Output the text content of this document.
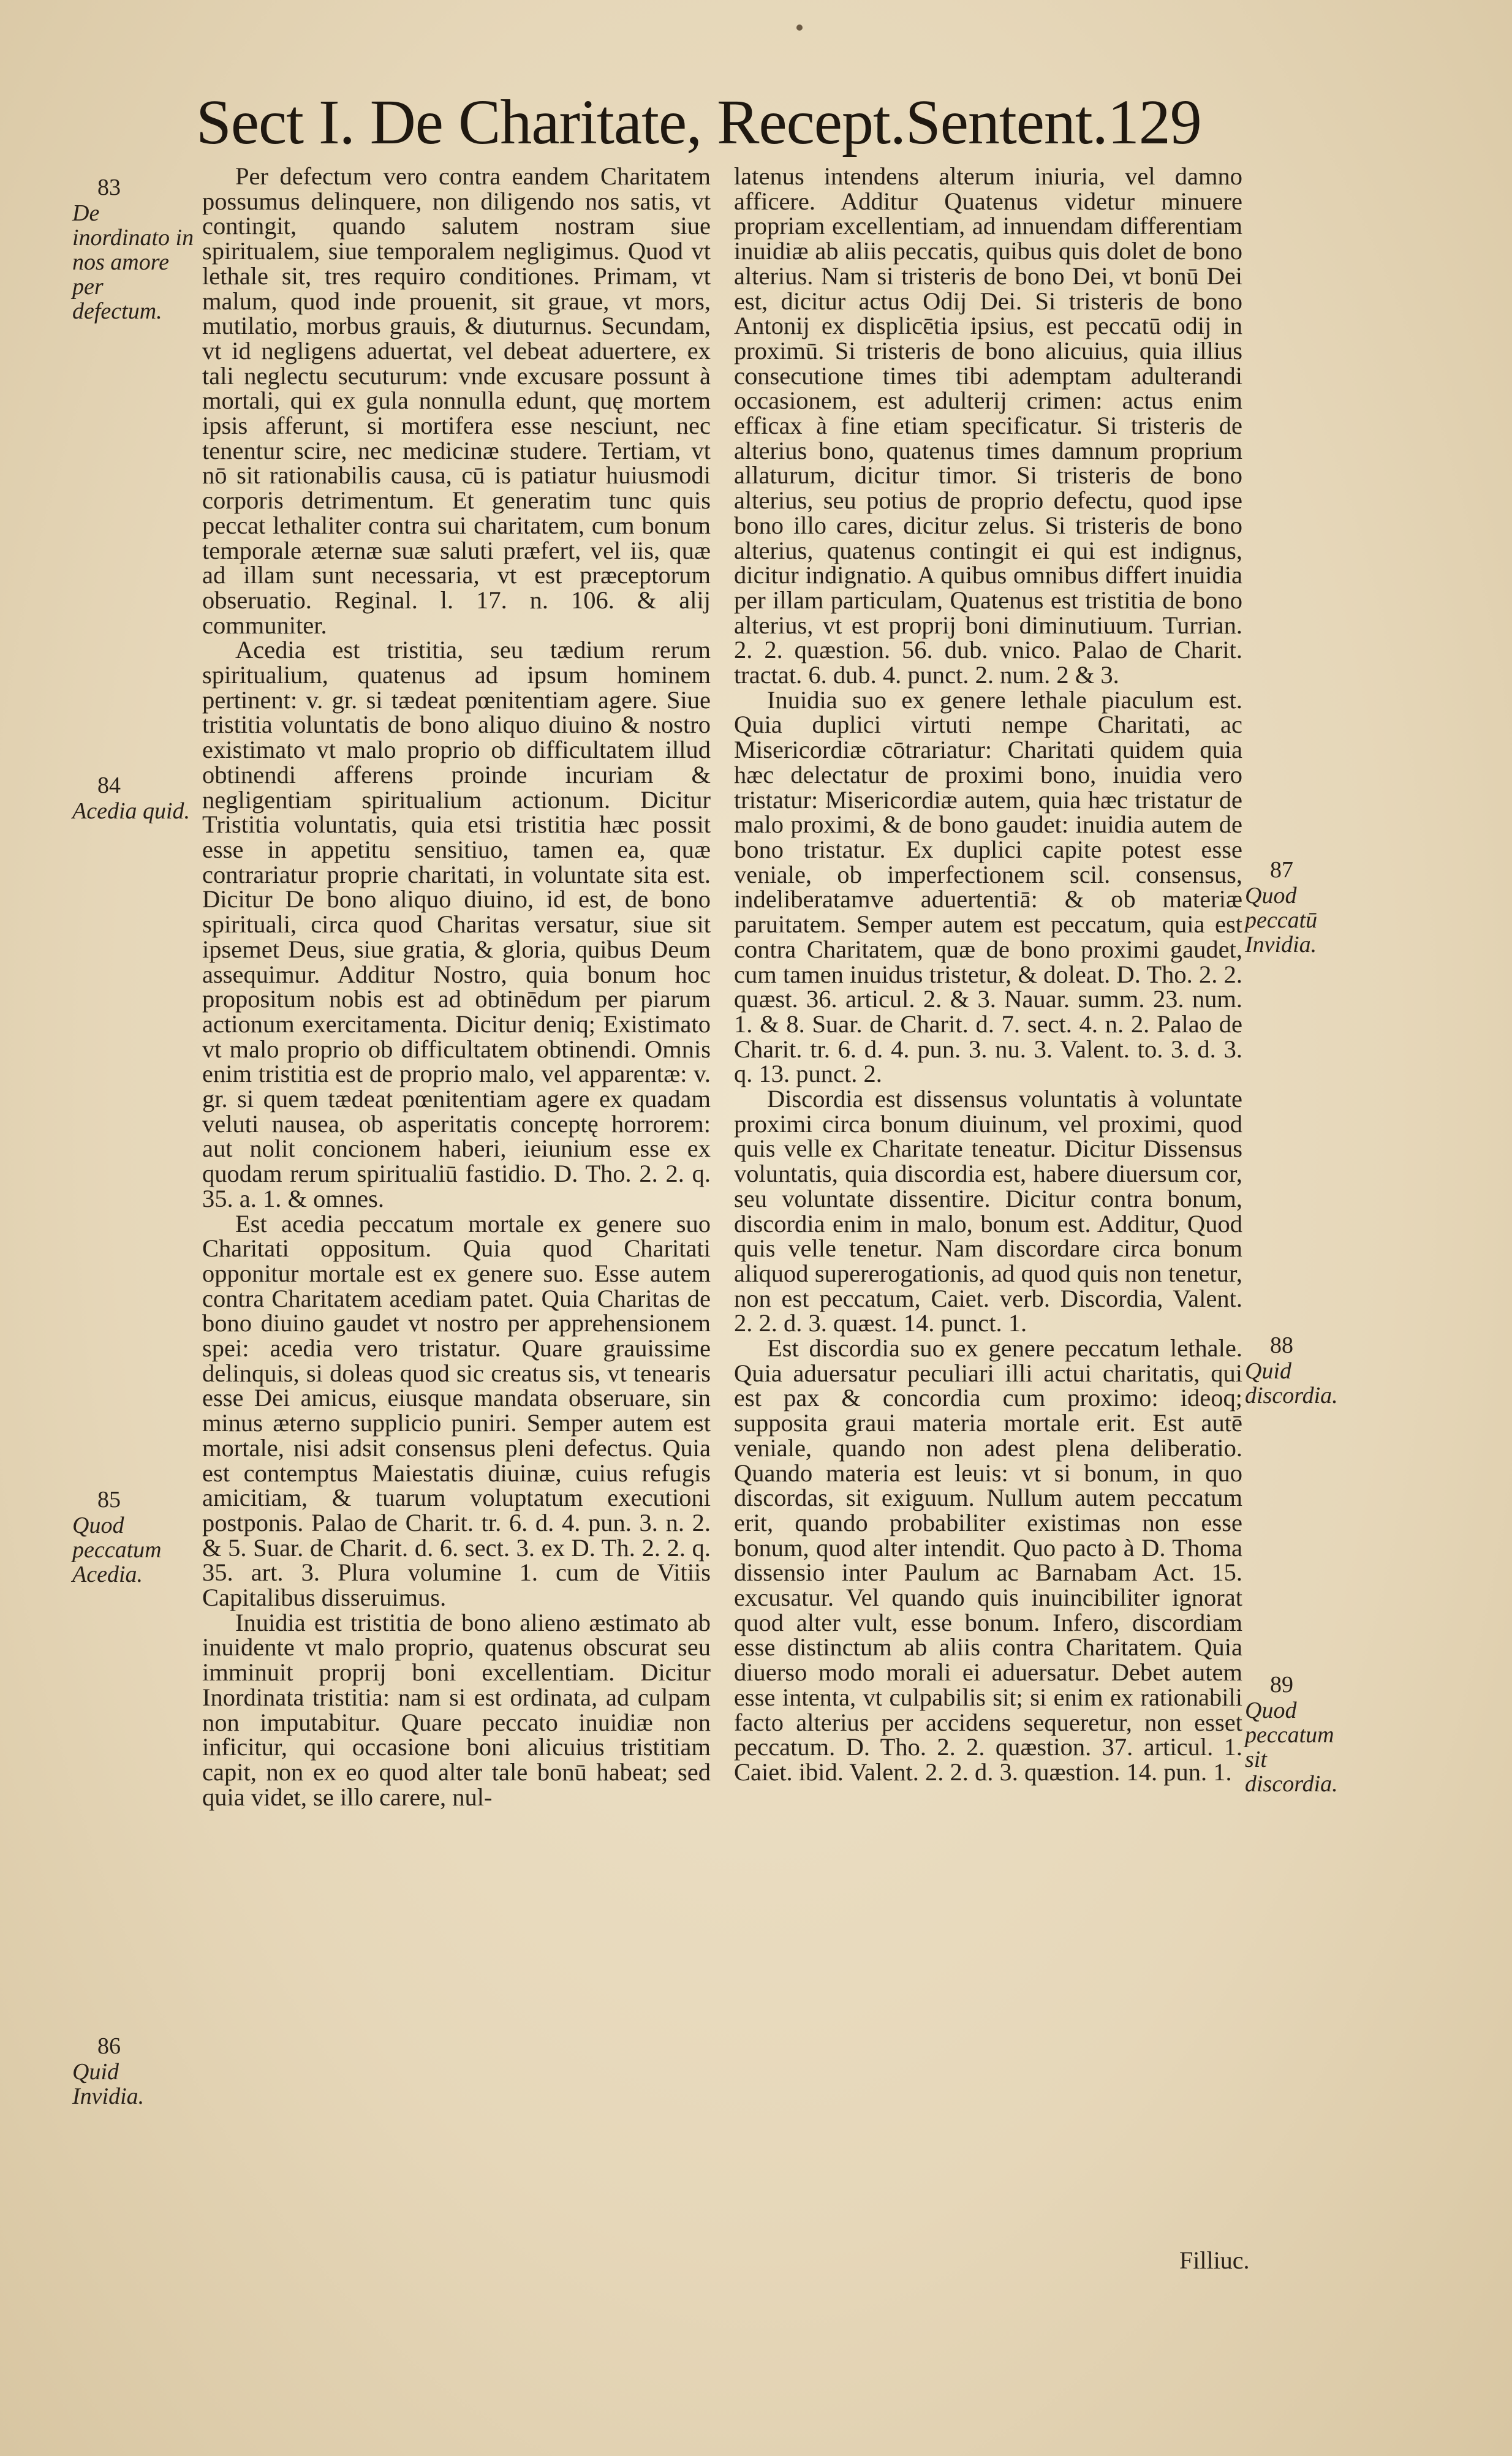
Sect I. De Charitate, Recept.Sentent.129
83
De inordinato in nos amore per defectum.
84
Acedia quid.
85
Quod peccatum Acedia.
86
Quid Invidia.
87
Quod peccatū Invidia.
88
Quid discordia.
89
Quod peccatum sit discordia.

Per defectum vero contra eandem Charitatem possumus delinquere, non diligendo nos satis, vt contingit, quando salutem nostram siue spiritualem, siue temporalem negligimus. Quod vt lethale sit, tres requiro conditiones. Primam, vt malum, quod inde prouenit, sit graue, vt mors, mutilatio, morbus grauis, & diuturnus. Secundam, vt id negligens aduertat, vel debeat aduertere, ex tali neglectu secuturum: vnde excusare possunt à mortali, qui ex gula nonnulla edunt, quę mortem ipsis afferunt, si mortifera esse nesciunt, nec tenentur scire, nec medicinæ studere. Tertiam, vt nō sit rationabilis causa, cū is patiatur huiusmodi corporis detrimentum. Et generatim tunc quis peccat lethaliter contra sui charitatem, cum bonum temporale æternæ suæ saluti præfert, vel iis, quæ ad illam sunt necessaria, vt est præceptorum obseruatio. Reginal. l. 17. n. 106. & alij communiter.

Acedia est tristitia, seu tædium rerum spiritualium, quatenus ad ipsum hominem pertinent: v. gr. si tædeat pœnitentiam agere. Siue tristitia voluntatis de bono aliquo diuino & nostro existimato vt malo proprio ob difficultatem illud obtinendi afferens proinde incuriam & negligentiam spiritualium actionum. Dicitur Tristitia voluntatis, quia etsi tristitia hæc possit esse in appetitu sensitiuo, tamen ea, quæ contrariatur proprie charitati, in voluntate sita est. Dicitur De bono aliquo diuino, id est, de bono spirituali, circa quod Charitas versatur, siue sit ipsemet Deus, siue gratia, & gloria, quibus Deum assequimur. Additur Nostro, quia bonum hoc propositum nobis est ad obtinēdum per piarum actionum exercitamenta. Dicitur deniq; Existimato vt malo proprio ob difficultatem obtinendi. Omnis enim tristitia est de proprio malo, vel apparentæ: v. gr. si quem tædeat pœnitentiam agere ex quadam veluti nausea, ob asperitatis conceptę horrorem: aut nolit concionem haberi, ieiunium esse ex quodam rerum spiritualiū fastidio. D. Tho. 2. 2. q. 35. a. 1. & omnes.

Est acedia peccatum mortale ex genere suo Charitati oppositum. Quia quod Charitati opponitur mortale est ex genere suo. Esse autem contra Charitatem acediam patet. Quia Charitas de bono diuino gaudet vt nostro per apprehensionem spei: acedia vero tristatur. Quare grauissime delinquis, si doleas quod sic creatus sis, vt tenearis esse Dei amicus, eiusque mandata obseruare, sin minus æterno supplicio puniri. Semper autem est mortale, nisi adsit consensus pleni defectus. Quia est contemptus Maiestatis diuinæ, cuius refugis amicitiam, & tuarum voluptatum executioni postponis. Palao de Charit. tr. 6. d. 4. pun. 3. n. 2. & 5. Suar. de Charit. d. 6. sect. 3. ex D. Th. 2. 2. q. 35. art. 3. Plura volumine 1. cum de Vitiis Capitalibus disseruimus.

Inuidia est tristitia de bono alieno æstimato ab inuidente vt malo proprio, quatenus obscurat seu imminuit proprij boni excellentiam. Dicitur Inordinata tristitia: nam si est ordinata, ad culpam non imputabitur. Quare peccato inuidiæ non inficitur, qui occasione boni alicuius tristitiam capit, non ex eo quod alter tale bonū habeat; sed quia videt, se illo carere, nul-

latenus intendens alterum iniuria, vel damno afficere. Additur Quatenus videtur minuere propriam excellentiam, ad innuendam differentiam inuidiæ ab aliis peccatis, quibus quis dolet de bono alterius. Nam si tristeris de bono Dei, vt bonū Dei est, dicitur actus Odij Dei. Si tristeris de bono Antonij ex displicētia ipsius, est peccatū odij in proximū. Si tristeris de bono alicuius, quia illius consecutione times tibi ademptam adulterandi occasionem, est adulterij crimen: actus enim efficax à fine etiam specificatur. Si tristeris de alterius bono, quatenus times damnum proprium allaturum, dicitur timor. Si tristeris de bono alterius, seu potius de proprio defectu, quod ipse bono illo cares, dicitur zelus. Si tristeris de bono alterius, quatenus contingit ei qui est indignus, dicitur indignatio. A quibus omnibus differt inuidia per illam particulam, Quatenus est tristitia de bono alterius, vt est proprij boni diminutiuum. Turrian. 2. 2. quæstion. 56. dub. vnico. Palao de Charit. tractat. 6. dub. 4. punct. 2. num. 2 & 3.

Inuidia suo ex genere lethale piaculum est. Quia duplici virtuti nempe Charitati, ac Misericordiæ cōtrariatur: Charitati quidem quia hæc delectatur de proximi bono, inuidia vero tristatur: Misericordiæ autem, quia hæc tristatur de malo proximi, & de bono gaudet: inuidia autem de bono tristatur. Ex duplici capite potest esse veniale, ob imperfectionem scil. consensus, indeliberatamve aduertentiā: & ob materiæ paruitatem. Semper autem est peccatum, quia est contra Charitatem, quæ de bono proximi gaudet, cum tamen inuidus tristetur, & doleat. D. Tho. 2. 2. quæst. 36. articul. 2. & 3. Nauar. summ. 23. num. 1. & 8. Suar. de Charit. d. 7. sect. 4. n. 2. Palao de Charit. tr. 6. d. 4. pun. 3. nu. 3. Valent. to. 3. d. 3. q. 13. punct. 2.

Discordia est dissensus voluntatis à voluntate proximi circa bonum diuinum, vel proximi, quod quis velle ex Charitate teneatur. Dicitur Dissensus voluntatis, quia discordia est, habere diuersum cor, seu voluntate dissentire. Dicitur contra bonum, discordia enim in malo, bonum est. Additur, Quod quis velle tenetur. Nam discordare circa bonum aliquod supererogationis, ad quod quis non tenetur, non est peccatum, Caiet. verb. Discordia, Valent. 2. 2. d. 3. quæst. 14. punct. 1.

Est discordia suo ex genere peccatum lethale. Quia aduersatur peculiari illi actui charitatis, qui est pax & concordia cum proximo: ideoq; supposita graui materia mortale erit. Est autē veniale, quando non adest plena deliberatio. Quando materia est leuis: vt si bonum, in quo discordas, sit exiguum. Nullum autem peccatum erit, quando probabiliter existimas non esse bonum, quod alter intendit. Quo pacto à D. Thoma dissensio inter Paulum ac Barnabam Act. 15. excusatur. Vel quando quis inuincibiliter ignorat quod alter vult, esse bonum. Infero, discordiam esse distinctum ab aliis contra Charitatem. Quia diuerso modo morali ei aduersatur. Debet autem esse intenta, vt culpabilis sit; si enim ex rationabili facto alterius per accidens sequeretur, non esset peccatum. D. Tho. 2. 2. quæstion. 37. articul. 1. Caiet. ibid. Valent. 2. 2. d. 3. quæstion. 14. pun. 1.

Filliuc.
